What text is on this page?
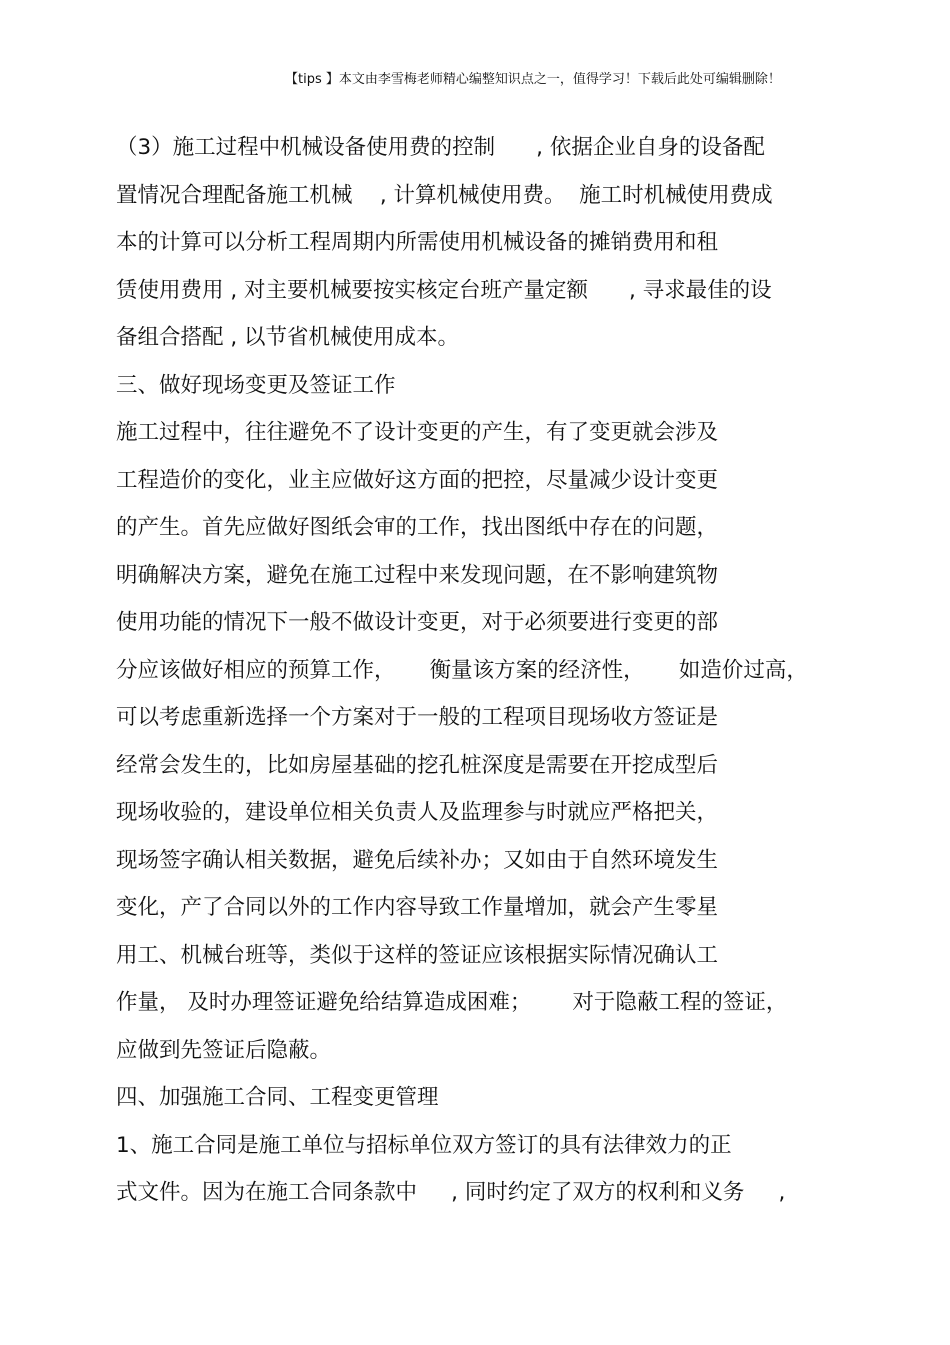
【tips 】本文由李雪梅老师精心编整知识点之一，值得学习！下载后此处可编辑删除！
（3）施工过程中机械设备使用费的控制      , 依据企业自身的设备配
置情况合理配备施工机械    , 计算机械使用费。  施工时机械使用费成
本的计算可以分析工程周期内所需使用机械设备的摊销费用和租
赁使用费用 , 对主要机械要按实核定台班产量定额      , 寻求最佳的设
备组合搭配 , 以节省机械使用成本。
三、做好现场变更及签证工作
施工过程中，往往避免不了设计变更的产生，有了变更就会涉及
工程造价的变化，业主应做好这方面的把控，尽量减少设计变更
的产生。首先应做好图纸会审的工作，找出图纸中存在的问题，
明确解决方案，避免在施工过程中来发现问题，在不影响建筑物
使用功能的情况下一般不做设计变更，对于必须要进行变更的部
分应该做好相应的预算工作，     衡量该方案的经济性，     如造价过高，
可以考虑重新选择一个方案对于一般的工程项目现场收方签证是
经常会发生的，比如房屋基础的挖孔桩深度是需要在开挖成型后
现场收验的，建设单位相关负责人及监理参与时就应严格把关，
现场签字确认相关数据，避免后续补办；又如由于自然环境发生
变化，产了合同以外的工作内容导致工作量增加，就会产生零星
用工、机械台班等，类似于这样的签证应该根据实际情况确认工
作量， 及时办理签证避免给结算造成困难；      对于隐蔽工程的签证，
应做到先签证后隐蔽。
四、加强施工合同、工程变更管理
1、施工合同是施工单位与招标单位双方签订的具有法律效力的正
式文件。因为在施工合同条款中     , 同时约定了双方的权利和义务     ,
